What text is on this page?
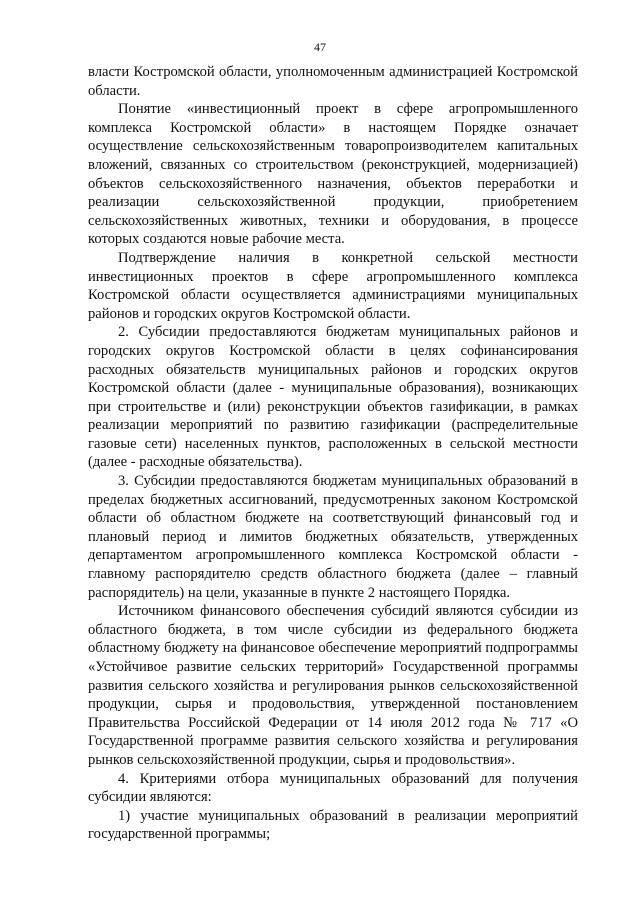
47

власти Костромской области, уполномоченным администрацией Костромской области.

Понятие «инвестиционный проект в сфере агропромышленного комплекса Костромской области» в настоящем Порядке означает осуществление сельскохозяйственным товаропроизводителем капитальных вложений, связанных со строительством (реконструкцией, модернизацией) объектов сельскохозяйственного назначения, объектов переработки и реализации сельскохозяйственной продукции, приобретением сельскохозяйственных животных, техники и оборудования, в процессе которых создаются новые рабочие места.

Подтверждение наличия в конкретной сельской местности инвестиционных проектов в сфере агропромышленного комплекса Костромской области осуществляется администрациями муниципальных районов и городских округов Костромской области.

2. Субсидии предоставляются бюджетам муниципальных районов и городских округов Костромской области в целях софинансирования расходных обязательств муниципальных районов и городских округов Костромской области (далее - муниципальные образования), возникающих при строительстве и (или) реконструкции объектов газификации, в рамках реализации мероприятий по развитию газификации (распределительные газовые сети) населенных пунктов, расположенных в сельской местности (далее - расходные обязательства).

3. Субсидии предоставляются бюджетам муниципальных образований в пределах бюджетных ассигнований, предусмотренных законом Костромской области об областном бюджете на соответствующий финансовый год и плановый период и лимитов бюджетных обязательств, утвержденных департаментом агропромышленного комплекса Костромской области - главному распорядителю средств областного бюджета (далее – главный распорядитель) на цели, указанные в пункте 2 настоящего Порядка.

Источником финансового обеспечения субсидий являются субсидии из областного бюджета, в том числе субсидии из федерального бюджета областному бюджету на финансовое обеспечение мероприятий подпрограммы «Устойчивое развитие сельских территорий» Государственной программы развития сельского хозяйства и регулирования рынков сельскохозяйственной продукции, сырья и продовольствия, утвержденной постановлением Правительства Российской Федерации от 14 июля 2012 года № 717 «О Государственной программе развития сельского хозяйства и регулирования рынков сельскохозяйственной продукции, сырья и продовольствия».

4. Критериями отбора муниципальных образований для получения субсидии являются:

1) участие муниципальных образований в реализации мероприятий государственной программы;
